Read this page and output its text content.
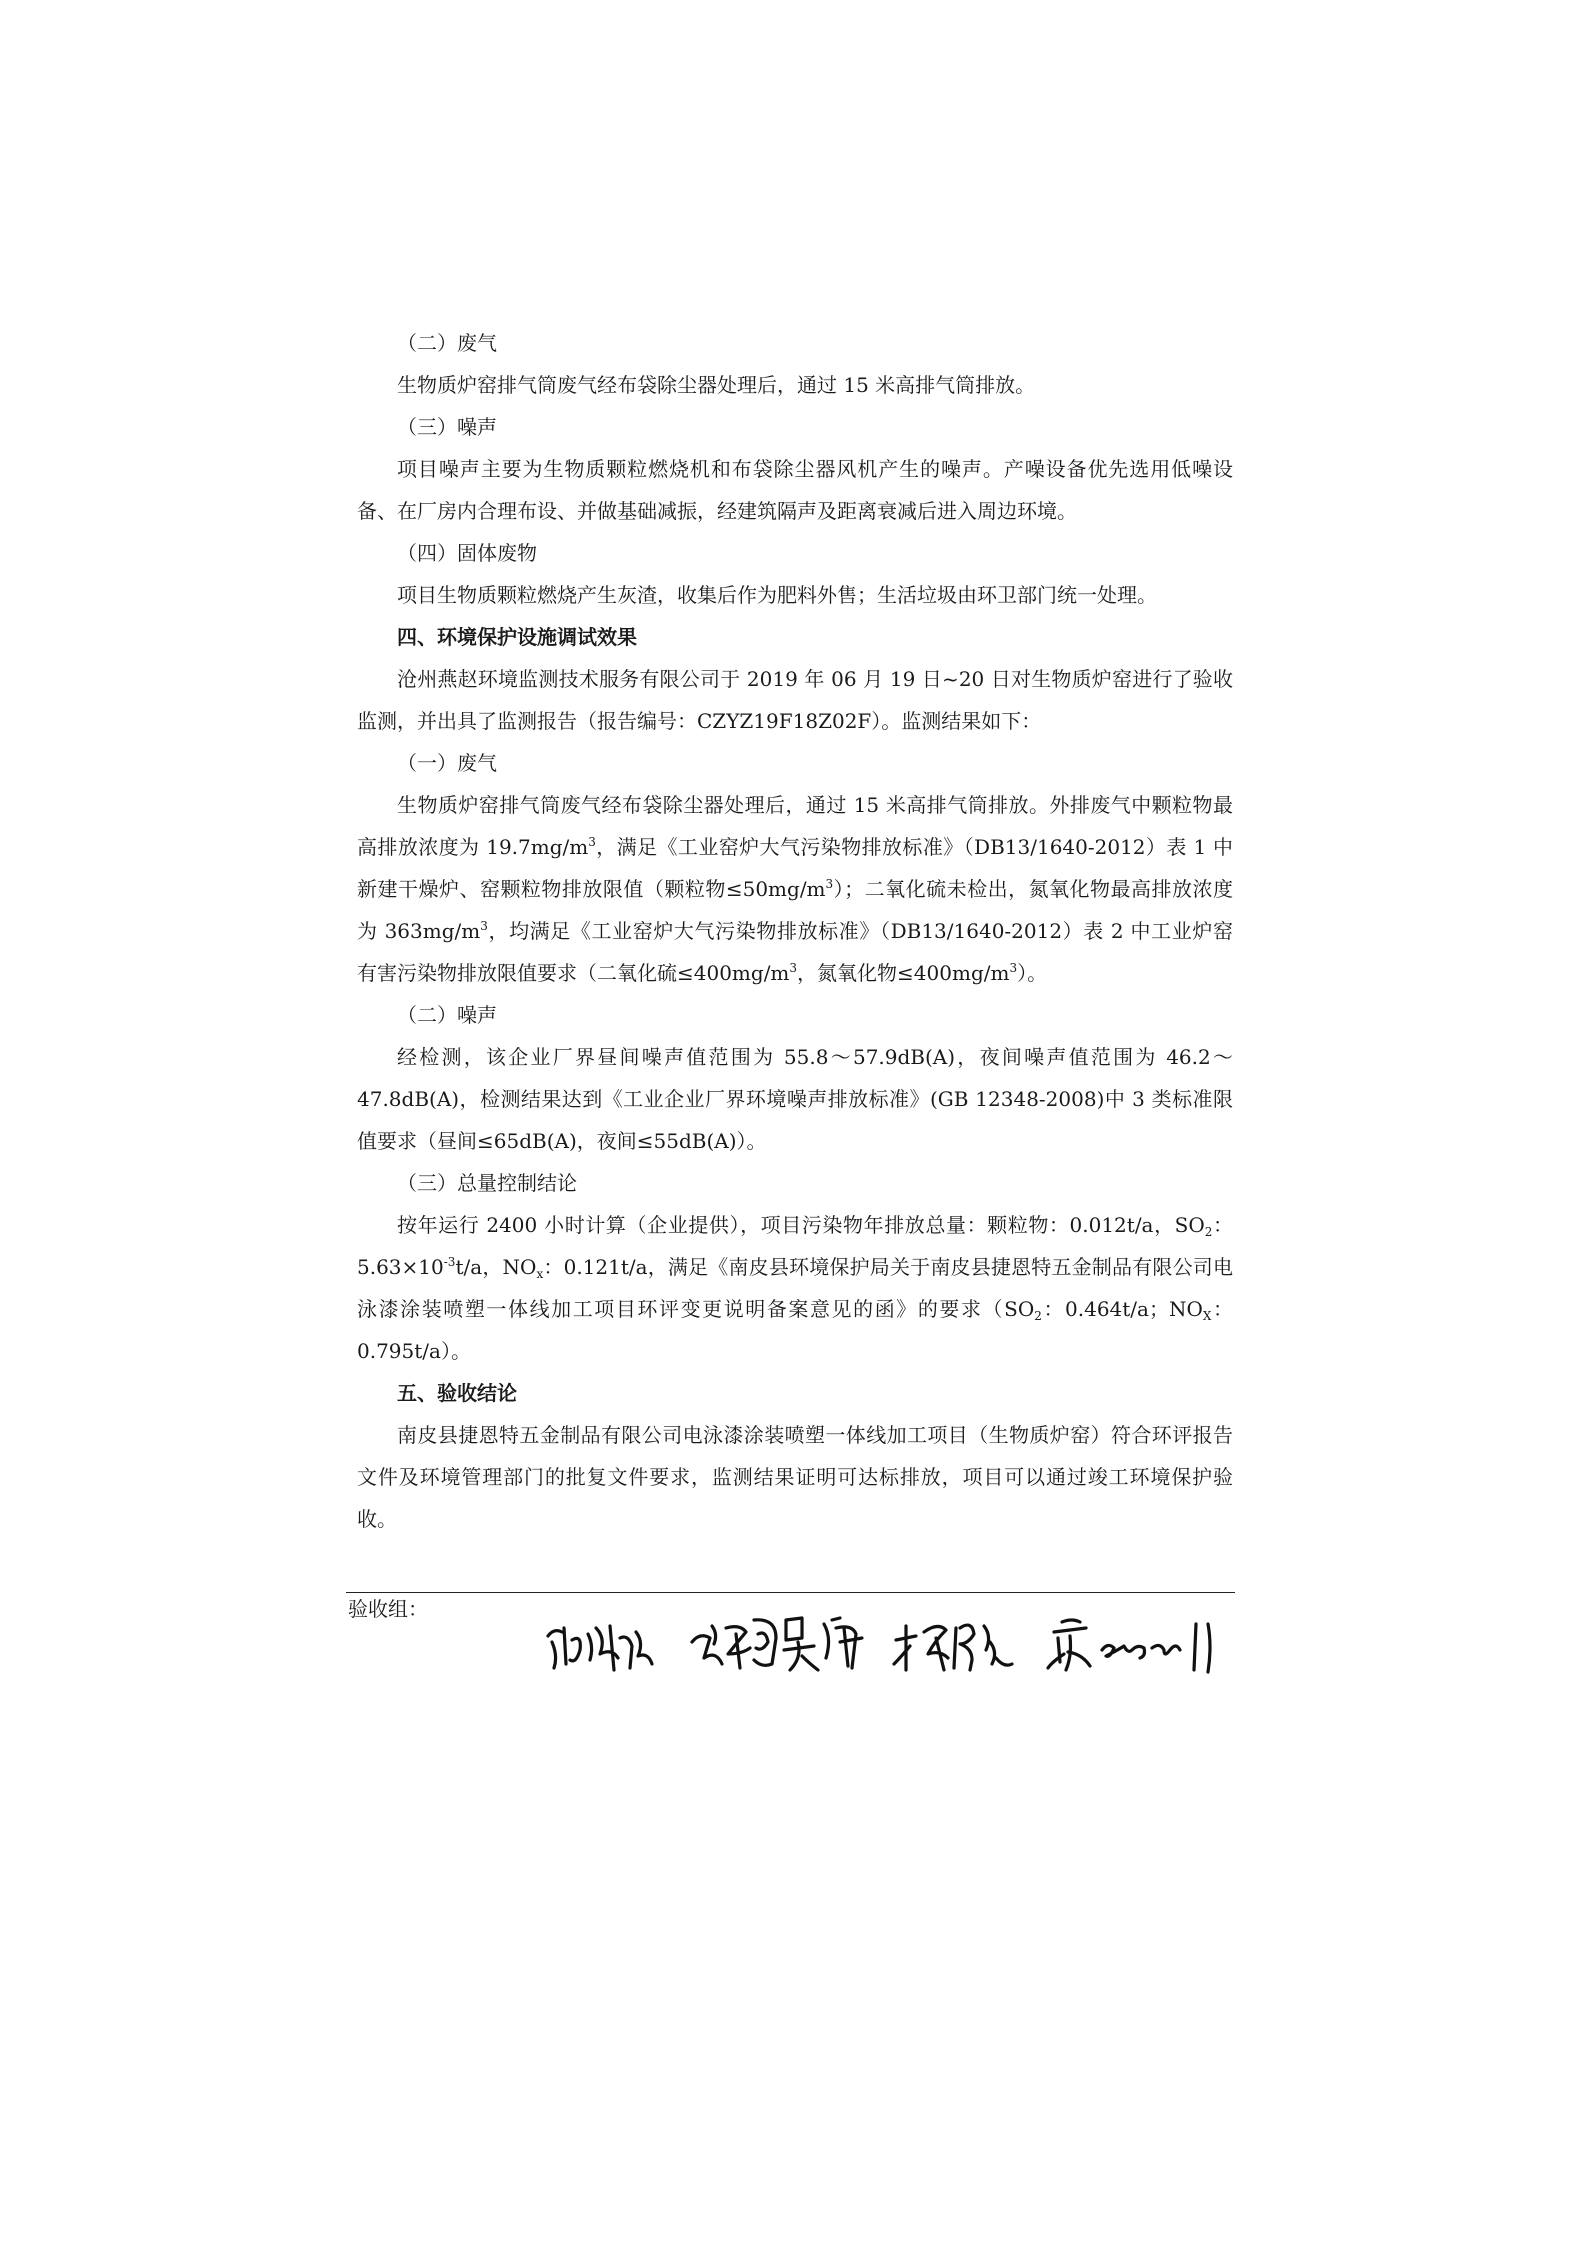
（二）废气

生物质炉窑排气筒废气经布袋除尘器处理后，通过 15 米高排气筒排放。

（三）噪声

项目噪声主要为生物质颗粒燃烧机和布袋除尘器风机产生的噪声。产噪设备优先选用低噪设备、在厂房内合理布设、并做基础减振，经建筑隔声及距离衰减后进入周边环境。

（四）固体废物

项目生物质颗粒燃烧产生灰渣，收集后作为肥料外售；生活垃圾由环卫部门统一处理。

四、环境保护设施调试效果

沧州燕赵环境监测技术服务有限公司于 2019 年 06 月 19 日~20 日对生物质炉窑进行了验收监测，并出具了监测报告（报告编号：CZYZ19F18Z02F）。监测结果如下：

（一）废气

生物质炉窑排气筒废气经布袋除尘器处理后，通过 15 米高排气筒排放。外排废气中颗粒物最高排放浓度为 $19.7mg/m^3$，满足《工业窑炉大气污染物排放标准》（DB13/1640-2012）表 1 中新建干燥炉、窑颗粒物排放限值（颗粒物$\le 50mg/m^3$）；二氧化硫未检出，氮氧化物最高排放浓度为 $363mg/m^3$，均满足《工业窑炉大气污染物排放标准》（DB13/1640-2012）表 2 中工业炉窑有害污染物排放限值要求（二氧化硫$\le 400mg/m^3$，氮氧化物$\le 400mg/m^3$）。

（二）噪声

经检测，该企业厂界昼间噪声值范围为 55.8～57.9dB(A)，夜间噪声值范围为 46.2～47.8dB(A)，检测结果达到《工业企业厂界环境噪声排放标准》(GB 12348-2008)中 3 类标准限值要求（昼间≤65dB(A)，夜间≤55dB(A)）。

（三）总量控制结论

按年运行 2400 小时计算（企业提供），项目污染物年排放总量：颗粒物：0.012t/a，$SO_2$：$5.63\times 10^{-3}t/a$，$NO_x$：0.121t/a，满足《南皮县环境保护局关于南皮县捷恩特五金制品有限公司电泳漆涂装喷塑一体线加工项目环评变更说明备案意见的函》的要求（$SO_2$：0.464t/a；$NO_X$：0.795t/a）。

五、验收结论

南皮县捷恩特五金制品有限公司电泳漆涂装喷塑一体线加工项目（生物质炉窑）符合环评报告文件及环境管理部门的批复文件要求，监测结果证明可达标排放，项目可以通过竣工环境保护验收。

验收组：
